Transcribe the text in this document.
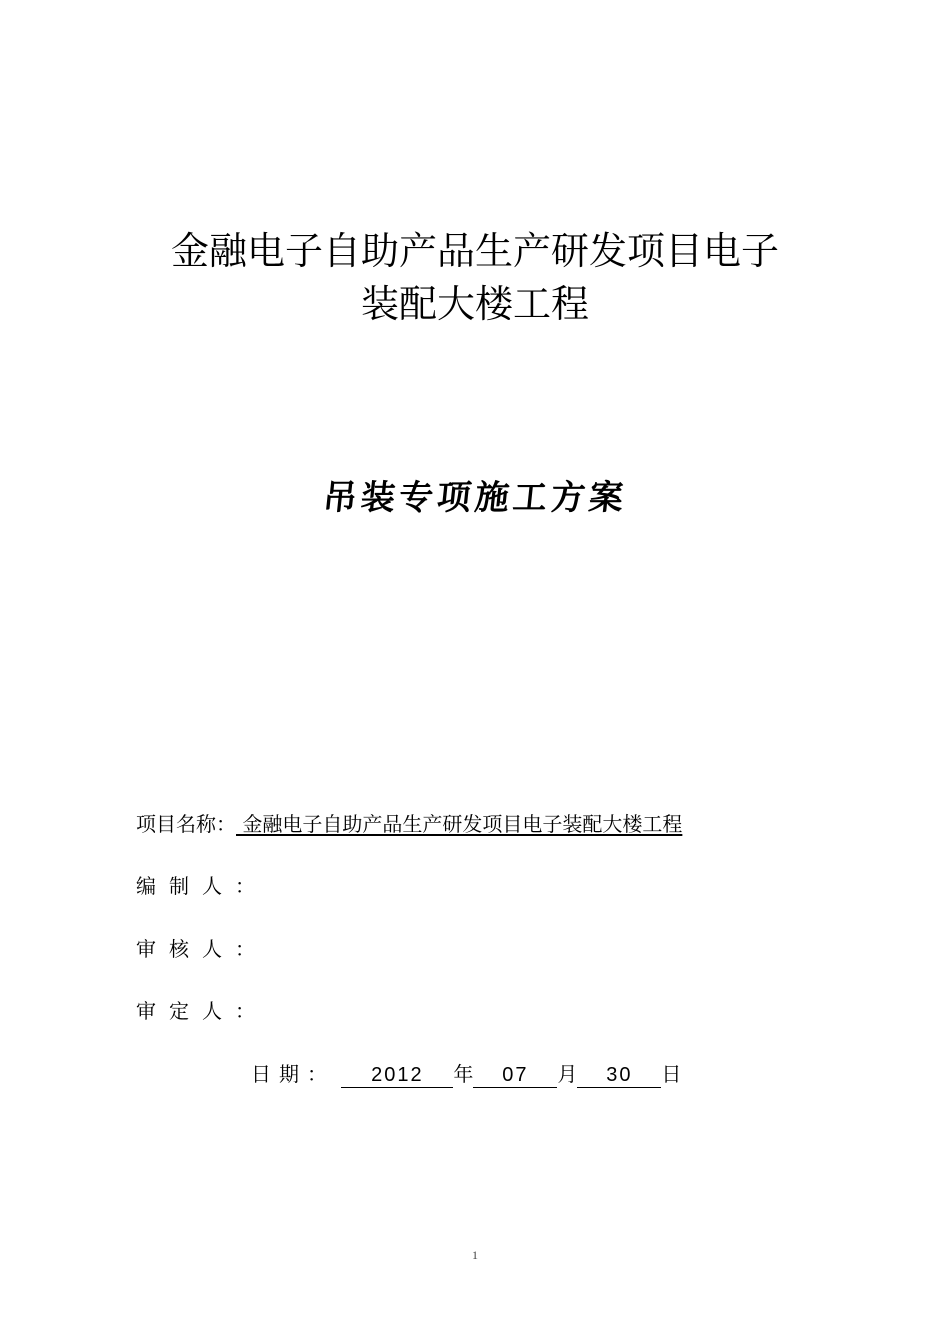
金融电子自助产品生产研发项目电子
装配大楼工程
吊装专项施工方案
项目名称： 金融电子自助产品生产研发项目电子装配大楼工程
编制人：
审核人：
审定人：
日期： 2012 年 07 月 30 日
1
